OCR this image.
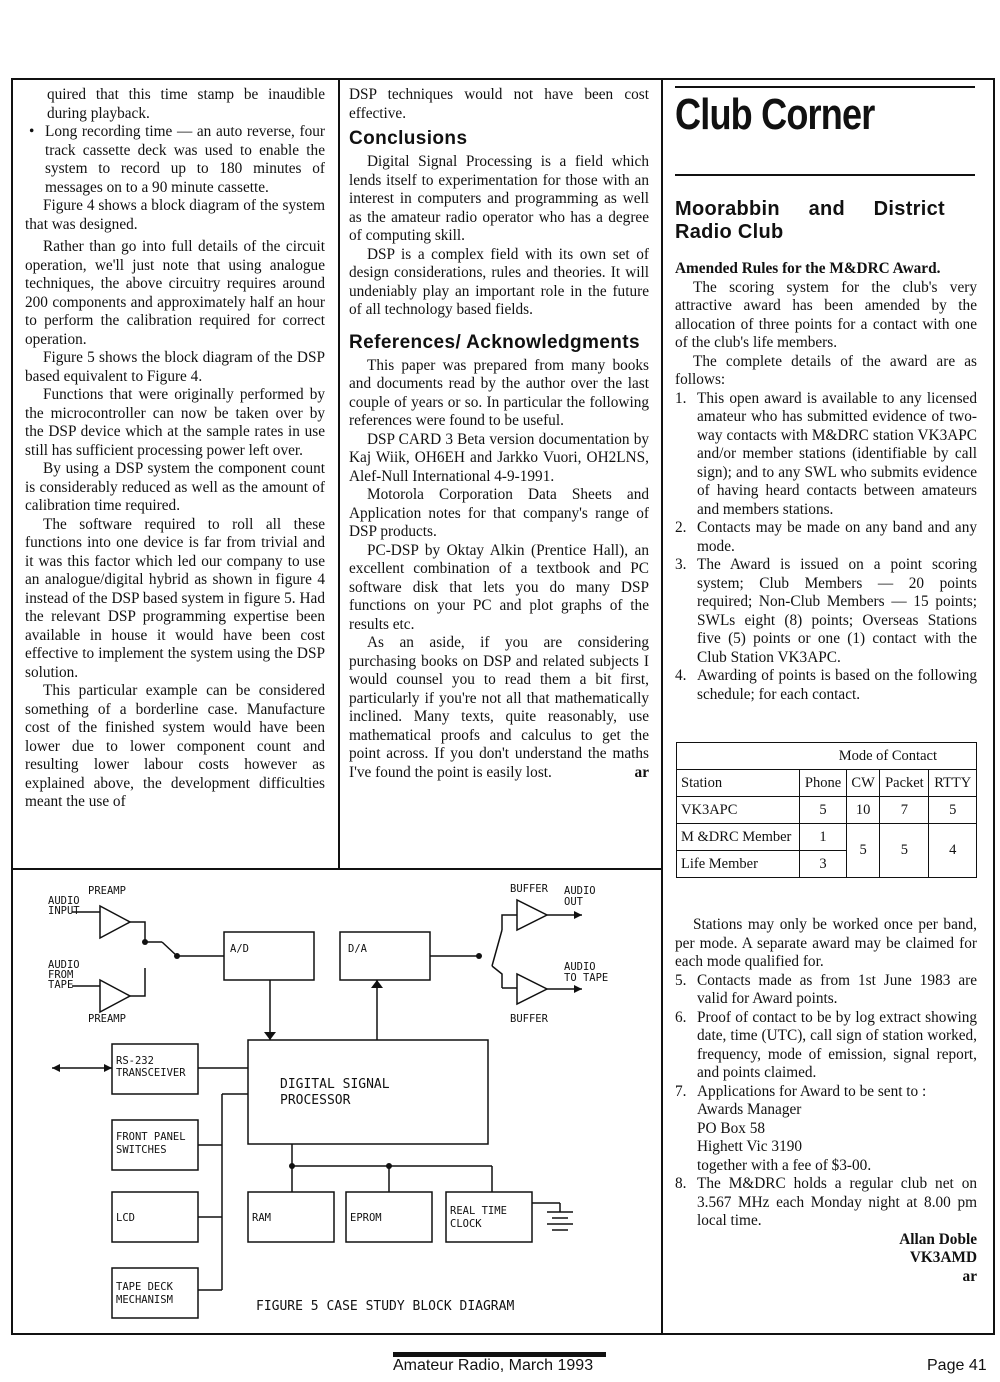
quired that this time stamp be inaudible during playback.

• Long recording time — an auto reverse, four track cassette deck was used to enable the system to record up to 180 minutes of messages on to a 90 minute cassette.

Figure 4 shows a block diagram of the system that was designed.

Rather than go into full details of the circuit operation, we'll just note that using analogue techniques, the above circuitry requires around 200 components and approximately half an hour to perform the calibration required for correct operation.

Figure 5 shows the block diagram of the DSP based equivalent to Figure 4.

Functions that were originally performed by the microcontroller can now be taken over by the DSP device which at the sample rates in use still has sufficient processing power left over.

By using a DSP system the component count is considerably reduced as well as the amount of calibration time required.

The software required to roll all these functions into one device is far from trivial and it was this factor which led our company to use an analogue/digital hybrid as shown in figure 4 instead of the DSP based system in figure 5. Had the relevant DSP programming expertise been available in house it would have been cost effective to implement the system using the DSP solution.

This particular example can be considered something of a borderline case. Manufacture cost of the finished system would have been lower due to lower component count and resulting lower labour costs however as explained above, the development difficulties meant the use of

DSP techniques would not have been cost effective.

Conclusions

Digital Signal Processing is a field which lends itself to experimentation for those with an interest in computers and programming as well as the amateur radio operator who has a degree of computing skill.

DSP is a complex field with its own set of design considerations, rules and theories. It will undeniably play an important role in the future of all technology based fields.

References/ Acknowledgments

This paper was prepared from many books and documents read by the author over the last couple of years or so. In particular the following references were found to be useful.

DSP CARD 3 Beta version documentation by Kaj Wiik, OH6EH and Jarkko Vuori, OH2LNS, Alef-Null International 4-9-1991.

Motorola Corporation Data Sheets and Application notes for that company's range of DSP products.

PC-DSP by Oktay Alkin (Prentice Hall), an excellent combination of a textbook and PC software disk that lets you do many DSP functions on your PC and plot graphs of the results etc.

As an aside, if you are considering purchasing books on DSP and related subjects I would counsel you to read them a bit first, particularly if you're not all that mathematically inclined. Many texts, quite reasonably, use mathematical proofs and calculus to get the point across. If you don't understand the maths I've found the point is easily lost.	ar
Club Corner
Moorabbin and District Radio Club
Amended Rules for the M&DRC Award.

The scoring system for the club's very attractive award has been amended by the allocation of three points for a contact with one of the club's life members.

The complete details of the award are as follows:

1. This open award is available to any licensed amateur who has submitted evidence of two-way contacts with M&DRC station VK3APC and/or member stations (identifiable by call sign); and to any SWL who submits evidence of having heard contacts between amateurs and members stations.
2. Contacts may be made on any band and any mode.
3. The Award is issued on a point scoring system; Club Members — 20 points required; Non-Club Members — 15 points; SWLs eight (8) points; Overseas Stations five (5) points or one (1) contact with the Club Station VK3APC.
4. Awarding of points is based on the following schedule; for each contact.
	Mode of Contact			
Station	Phone	CW	Packet	RTTY
VK3APC	5	10	7	5
M &DRC Member	1	5	5	4
Life Member	3			

Stations may only be worked once per band, per mode. A separate award may be claimed for each mode qualified for.

5. Contacts made as from 1st June 1983 are valid for Award points.
6. Proof of contact to be by log extract showing date, time (UTC), call sign of station worked, frequency, mode of emission, signal report, and points claimed.
7. Applications for Award to be sent to :
Awards Manager
PO Box 58
Highett Vic 3190
together with a fee of $3-00.
8. The M&DRC holds a regular club net on 3.567 MHz each Monday night at 8.00 pm local time.
Allan Doble
VK3AMD
ar
PREAMP
AUDIO INPUT
AUDIO FROM TAPE
PREAMP
A/D	D/A
BUFFER AUDIO OUT
AUDIO TO TAPE
BUFFER
RS-232 TRANSCEIVER
FRONT PANEL SWITCHES
LCD
TAPE DECK MECHANISM
RAM	EPROM
REAL TIME CLOCK
DIGITAL SIGNAL PROCESSOR
FIGURE 5 CASE STUDY BLOCK DIAGRAM
Amateur Radio, March 1993	Page 41
